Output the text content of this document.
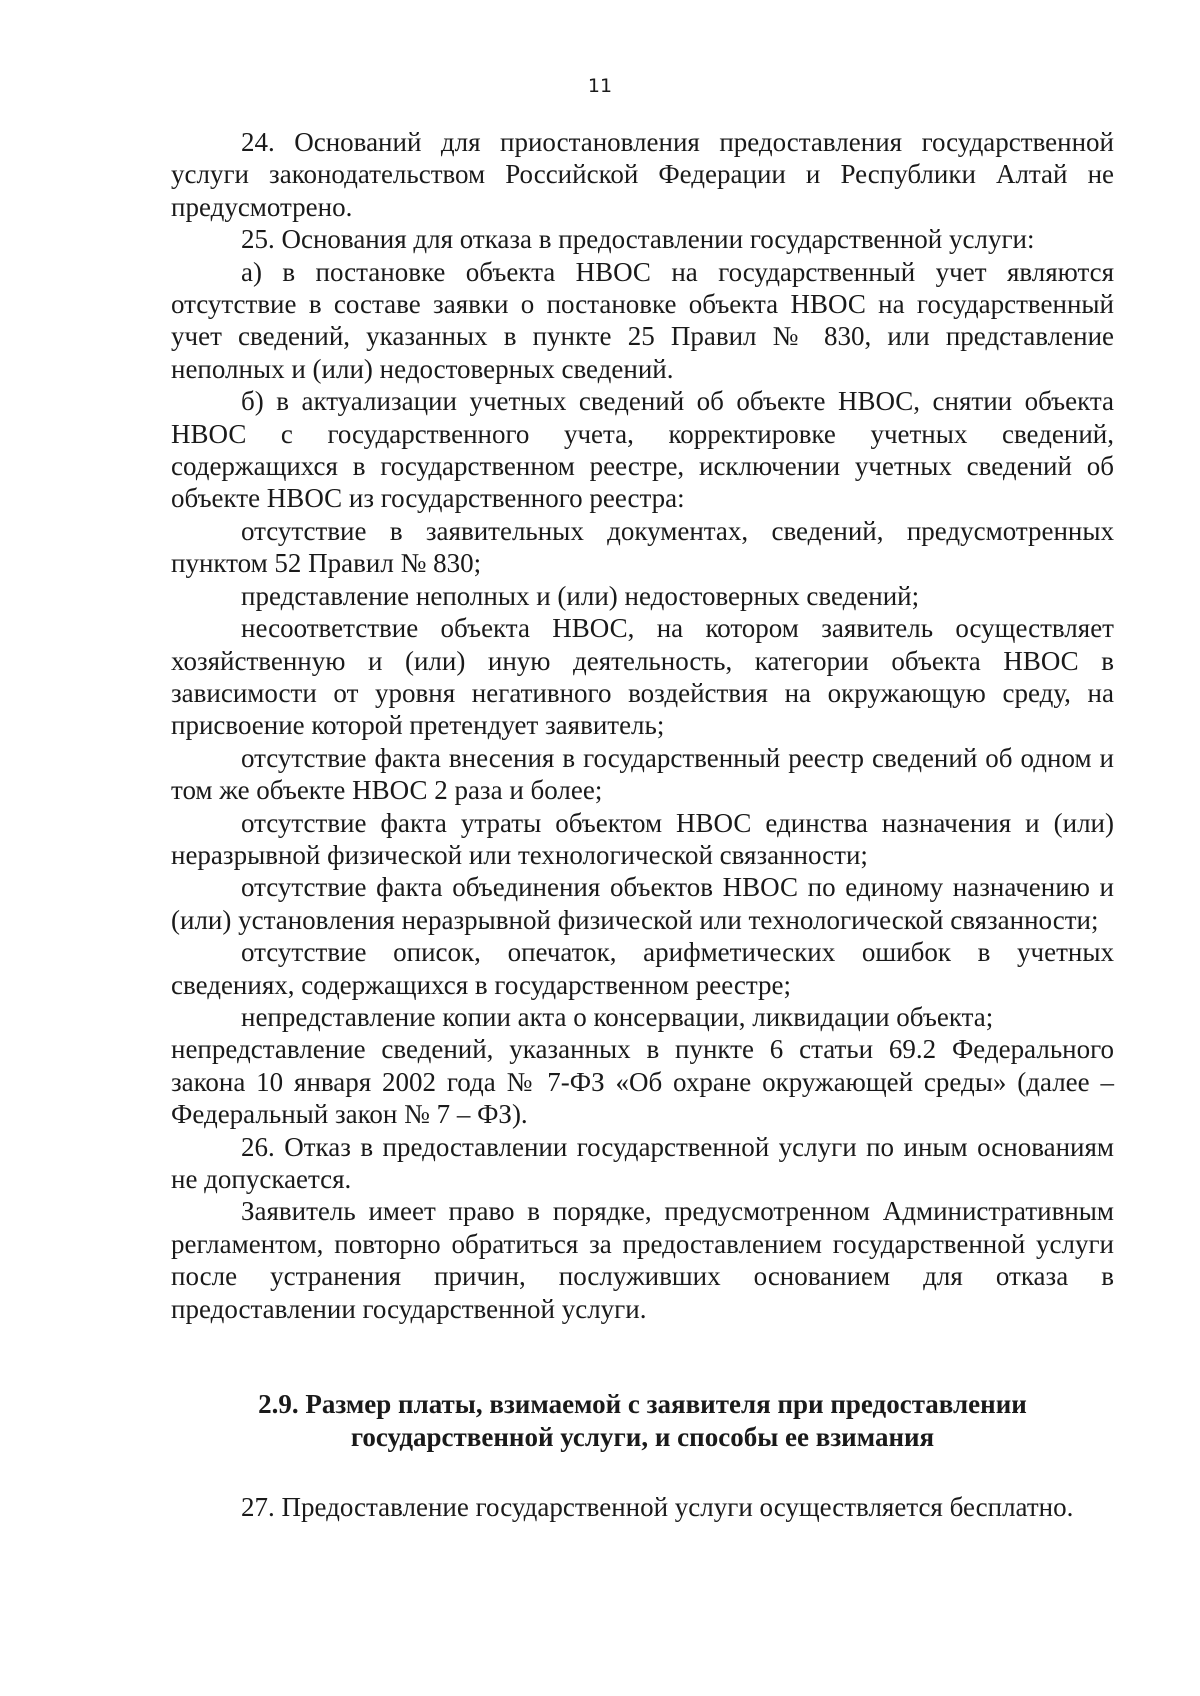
11

24. Оснований для приостановления предоставления государственной услуги законодательством Российской Федерации и Республики Алтай не предусмотрено.

25. Основания для отказа в предоставлении государственной услуги:

а) в постановке объекта НВОС на государственный учет являются отсутствие в составе заявки о постановке объекта НВОС на государственный учет сведений, указанных в пункте 25 Правил № 830, или представление неполных и (или) недостоверных сведений.

б) в актуализации учетных сведений об объекте НВОС, снятии объекта НВОС с государственного учета, корректировке учетных сведений, содержащихся в государственном реестре, исключении учетных сведений об объекте НВОС из государственного реестра:

отсутствие в заявительных документах, сведений, предусмотренных пунктом 52 Правил № 830;

представление неполных и (или) недостоверных сведений;

несоответствие объекта НВОС, на котором заявитель осуществляет хозяйственную и (или) иную деятельность, категории объекта НВОС в зависимости от уровня негативного воздействия на окружающую среду, на присвоение которой претендует заявитель;

отсутствие факта внесения в государственный реестр сведений об одном и том же объекте НВОС 2 раза и более;

отсутствие факта утраты объектом НВОС единства назначения и (или) неразрывной физической или технологической связанности;

отсутствие факта объединения объектов НВОС по единому назначению и (или) установления неразрывной физической или технологической связанности;

отсутствие описок, опечаток, арифметических ошибок в учетных сведениях, содержащихся в государственном реестре;

непредставление копии акта о консервации, ликвидации объекта;

непредставление сведений, указанных в пункте 6 статьи 69.2 Федерального закона 10 января 2002 года № 7-ФЗ «Об охране окружающей среды» (далее – Федеральный закон № 7 – ФЗ).

26. Отказ в предоставлении государственной услуги по иным основаниям не допускается.

Заявитель имеет право в порядке, предусмотренном Административным регламентом, повторно обратиться за предоставлением государственной услуги после устранения причин, послуживших основанием для отказа в предоставлении государственной услуги.

2.9. Размер платы, взимаемой с заявителя при предоставлении
государственной услуги, и способы ее взимания

27. Предоставление государственной услуги осуществляется бесплатно.
